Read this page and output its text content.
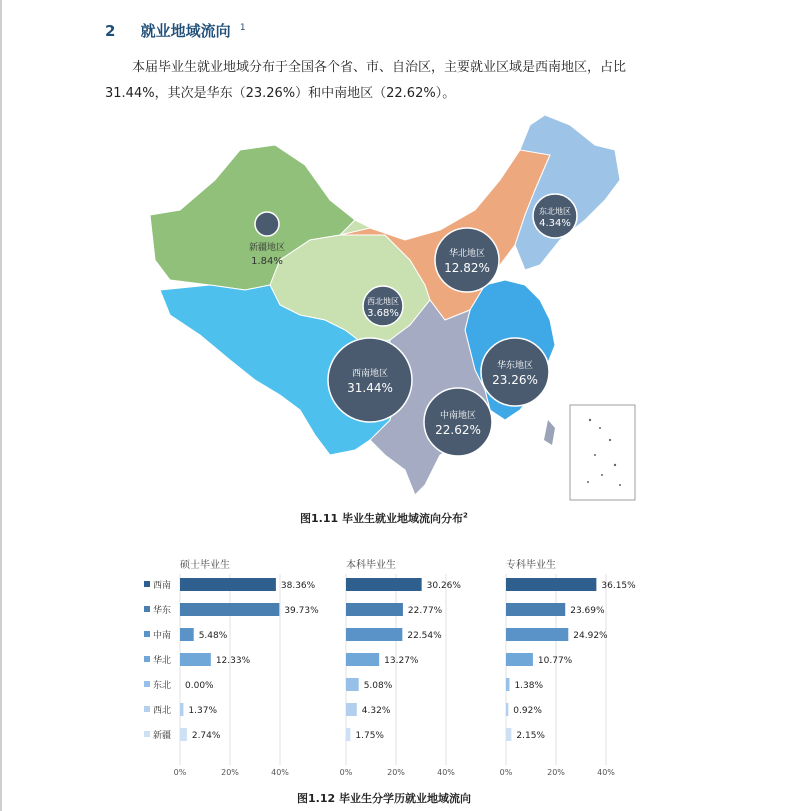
2 就业地域流向 $^1$
本届毕业生就业地域分布于全国各个省、市、自治区，主要就业区域是西南地区，占比
31.44%，其次是华东（23.26%）和中南地区（22.62%）。
新疆地区
1.84%
西北地区
3.68%
华北地区
12.82%
东北地区
4.34%
华东地区
23.26%
中南地区
22.62%
西南地区
31.44%
图1.11 毕业生就业地域流向分布$^2$
硕士毕业生
0%	20%	40%
38.36%
39.73%
5.48%
12.33%
0.00%
1.37%
2.74%
本科毕业生
0%	20%	40%
30.26%
22.77%
22.54%
13.27%
5.08%
4.32%
1.75%
专科毕业生
0%	20%	40%
36.15%
23.69%
24.92%
10.77%
1.38%
0.92%
2.15%
西南
华东
中南
华北
东北
西北
新疆
图1.12 毕业生分学历就业地域流向
